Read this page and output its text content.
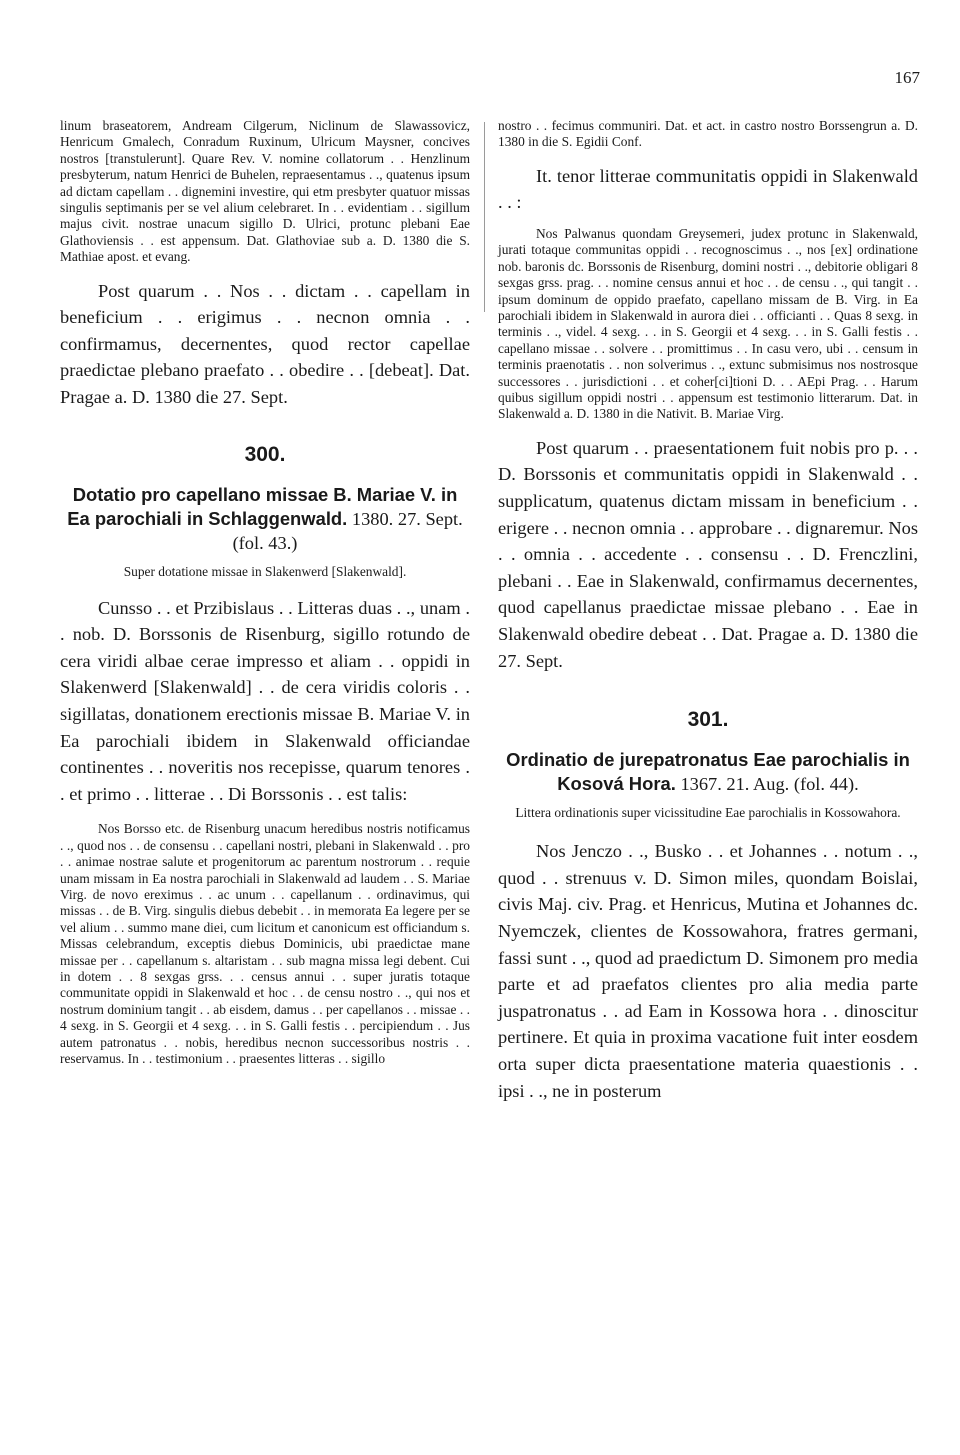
167

linum braseatorem, Andream Cilgerum, Niclinum de Slawassovicz, Henricum Gmalech, Conradum Ruxinum, Ulricum Maysner, concives nostros [transtulerunt]. Quare Rev. V. nomine collatorum . . Henzlinum presbyterum, natum Henrici de Buhelen, repraesentamus . ., quatenus ipsum ad dictam capellam . . dignemini investire, qui etm presbyter quatuor missas singulis septimanis per se vel alium celebraret. In . . evidentiam . . sigillum majus civit. nostrae unacum sigillo D. Ulrici, protunc plebani Eae Glathoviensis . . est appensum. Dat. Glathoviae sub a. D. 1380 die S. Mathiae apost. et evang.

Post quarum . . Nos . . dictam . . capellam in beneficium . . erigimus . . necnon omnia . . confirmamus, decernentes, quod rector capellae praedictae plebano praefato . . obedire . . [debeat]. Dat. Pragae a. D. 1380 die 27. Sept.

300.
Dotatio pro capellano missae B. Mariae V. in Ea parochiali in Schlaggenwald. 1380. 27. Sept. (fol. 43.)

Super dotatione missae in Slakenwerd [Slakenwald].

Cunsso . . et Przibislaus . . Litteras duas . ., unam . . nob. D. Borssonis de Risenburg, sigillo rotundo de cera viridi albae cerae impresso et aliam . . oppidi in Slakenwerd [Slakenwald] . . de cera viridis coloris . . sigillatas, donationem erectionis missae B. Mariae V. in Ea parochiali ibidem in Slakenwald officiandae continentes . . noveritis nos recepisse, quarum tenores . . et primo . . litterae . . Di Borssonis . . est talis:

Nos Borsso etc. de Risenburg unacum heredibus nostris notificamus . ., quod nos . . de consensu . . capellani nostri, plebani in Slakenwald . . pro . . animae nostrae salute et progenitorum ac parentum nostrorum . . requie unam missam in Ea nostra parochiali in Slakenwald ad laudem . . S. Mariae Virg. de novo ereximus . . ac unum . . capellanum . . ordinavimus, qui missas . . de B. Virg. singulis diebus debebit . . in memorata Ea legere per se vel alium . . summo mane diei, cum licitum et canonicum est officiandum s. Missas celebrandum, exceptis diebus Dominicis, ubi praedictae mane missae per . . capellanum s. altaristam . . sub magna missa legi debent. Cui in dotem . . 8 sexgas grss. . . census annui . . super juratis totaque communitate oppidi in Slakenwald et hoc . . de censu nostro . ., qui nos et nostrum dominium tangit . . ab eisdem, damus . . per capellanos . . missae . . 4 sexg. in S. Georgii et 4 sexg. . . in S. Galli festis . . percipiendum . . Jus autem patronatus . . nobis, heredibus necnon successoribus nostris . . reservamus. In . . testimonium . . praesentes litteras . . sigillo

nostro . . fecimus communiri. Dat. et act. in castro nostro Borssengrun a. D. 1380 in die S. Egidii Conf.

It. tenor litterae communitatis oppidi in Slakenwald . . :

Nos Palwanus quondam Greysemeri, judex protunc in Slakenwald, jurati totaque communitas oppidi . . recognoscimus . ., nos [ex] ordinatione nob. baronis dc. Borssonis de Risenburg, domini nostri . ., debitorie obligari 8 sexgas grss. prag. . . nomine census annui et hoc . . de censu . ., qui tangit . . ipsum dominum de oppido praefato, capellano missam de B. Virg. in Ea parochiali ibidem in Slakenwald in aurora diei . . officianti . . Quas 8 sexg. in terminis . ., videl. 4 sexg. . . in S. Georgii et 4 sexg. . . in S. Galli festis . . capellano missae . . solvere . . promittimus . . In casu vero, ubi . . censum in terminis praenotatis . . non solverimus . ., extunc submisimus nos nostrosque successores . . jurisdictioni . . et coher[ci]tioni D. . . AEpi Prag. . . Harum quibus sigillum oppidi nostri . . appensum est testimonio litterarum. Dat. in Slakenwald a. D. 1380 in die Nativit. B. Mariae Virg.

Post quarum . . praesentationem fuit nobis pro p. . . D. Borssonis et communitatis oppidi in Slakenwald . . supplicatum, quatenus dictam missam in beneficium . . erigere . . necnon omnia . . approbare . . dignaremur. Nos . . omnia . . accedente . . consensu . . D. Frenczlini, plebani . . Eae in Slakenwald, confirmamus decernentes, quod capellanus praedictae missae plebano . . Eae in Slakenwald obedire debeat . . Dat. Pragae a. D. 1380 die 27. Sept.

301.
Ordinatio de jurepatronatus Eae parochialis in Kosová Hora. 1367. 21. Aug. (fol. 44).

Littera ordinationis super vicissitudine Eae parochialis in Kossowahora.

Nos Jenczo . ., Busko . . et Johannes . . notum . ., quod . . strenuus v. D. Simon miles, quondam Boislai, civis Maj. civ. Prag. et Henricus, Mutina et Johannes dc. Nyemczek, clientes de Kossowahora, fratres germani, fassi sunt . ., quod ad praedictum D. Simonem pro media parte et ad praefatos clientes pro alia media parte juspatronatus . . ad Eam in Kossowa hora . . dinoscitur pertinere. Et quia in proxima vacatione fuit inter eosdem orta super dicta praesentatione materia quaestionis . . ipsi . ., ne in posterum
